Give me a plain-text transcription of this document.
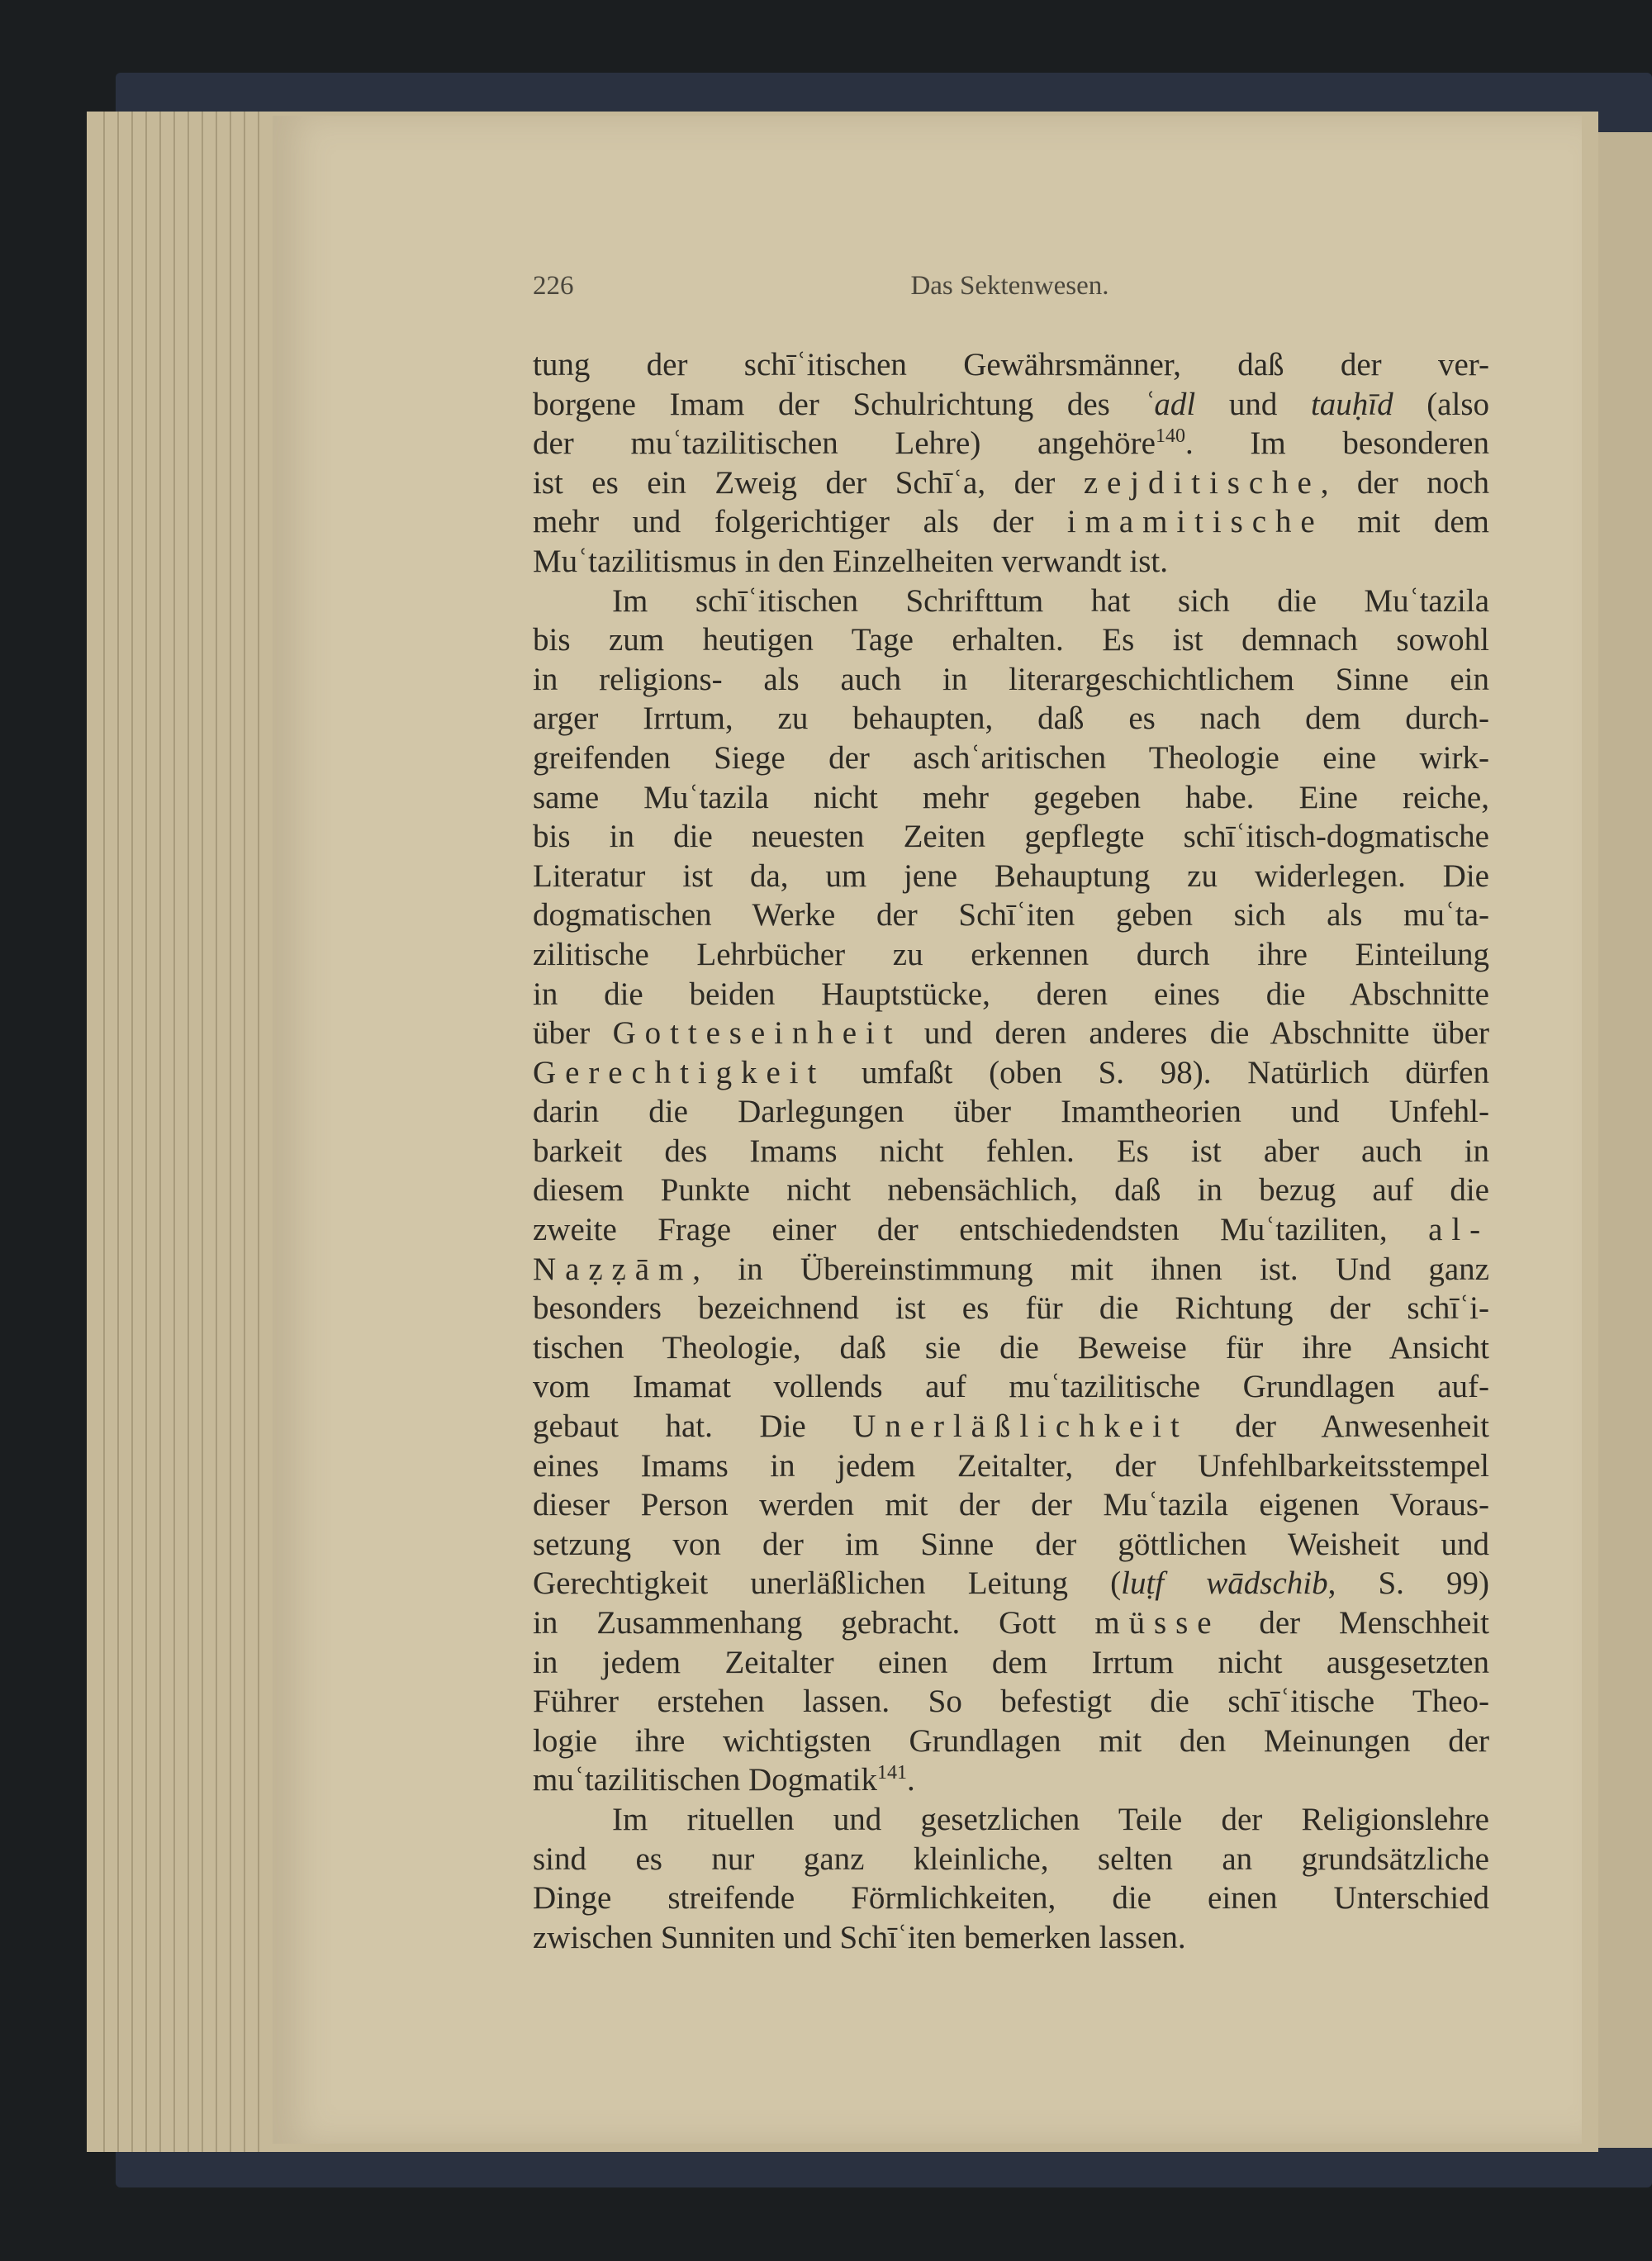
226	Das Sektenwesen.
tung der schīʿitischen Gewährsmänner, daß der ver-
borgene Imam der Schulrichtung des ʿadl und tauḥīd (also
der muʿtazilitischen Lehre) angehöre$^{140}$. Im besonderen
ist es ein Zweig der Schīʿa, der zejditische, der noch
mehr und folgerichtiger als der imamitische mit dem
Muʿtazilitismus in den Einzelheiten verwandt ist.
Im schīʿitischen Schrifttum hat sich die Muʿtazila
bis zum heutigen Tage erhalten. Es ist demnach sowohl
in religions- als auch in literargeschichtlichem Sinne ein
arger Irrtum, zu behaupten, daß es nach dem durch-
greifenden Siege der aschʿaritischen Theologie eine wirk-
same Muʿtazila nicht mehr gegeben habe. Eine reiche,
bis in die neuesten Zeiten gepflegte schīʿitisch-dogmatische
Literatur ist da, um jene Behauptung zu widerlegen. Die
dogmatischen Werke der Schīʿiten geben sich als muʿta-
zilitische Lehrbücher zu erkennen durch ihre Einteilung
in die beiden Hauptstücke, deren eines die Abschnitte
über Gotteseinheit und deren anderes die Abschnitte über
Gerechtigkeit umfaßt (oben S. 98). Natürlich dürfen
darin die Darlegungen über Imamtheorien und Unfehl-
barkeit des Imams nicht fehlen. Es ist aber auch in
diesem Punkte nicht nebensächlich, daß in bezug auf die
zweite Frage einer der entschiedendsten Muʿtaziliten, al-
Naẓẓām, in Übereinstimmung mit ihnen ist. Und ganz
besonders bezeichnend ist es für die Richtung der schīʿi-
tischen Theologie, daß sie die Beweise für ihre Ansicht
vom Imamat vollends auf muʿtazilitische Grundlagen auf-
gebaut hat. Die Unerläßlichkeit der Anwesenheit
eines Imams in jedem Zeitalter, der Unfehlbarkeitsstempel
dieser Person werden mit der der Muʿtazila eigenen Voraus-
setzung von der im Sinne der göttlichen Weisheit und
Gerechtigkeit unerläßlichen Leitung (luṭf wādschib, S. 99)
in Zusammenhang gebracht. Gott müsse der Menschheit
in jedem Zeitalter einen dem Irrtum nicht ausgesetzten
Führer erstehen lassen. So befestigt die schīʿitische Theo-
logie ihre wichtigsten Grundlagen mit den Meinungen der
muʿtazilitischen Dogmatik$^{141}$.
Im rituellen und gesetzlichen Teile der Religionslehre
sind es nur ganz kleinliche, selten an grundsätzliche
Dinge streifende Förmlichkeiten, die einen Unterschied
zwischen Sunniten und Schīʿiten bemerken lassen.
